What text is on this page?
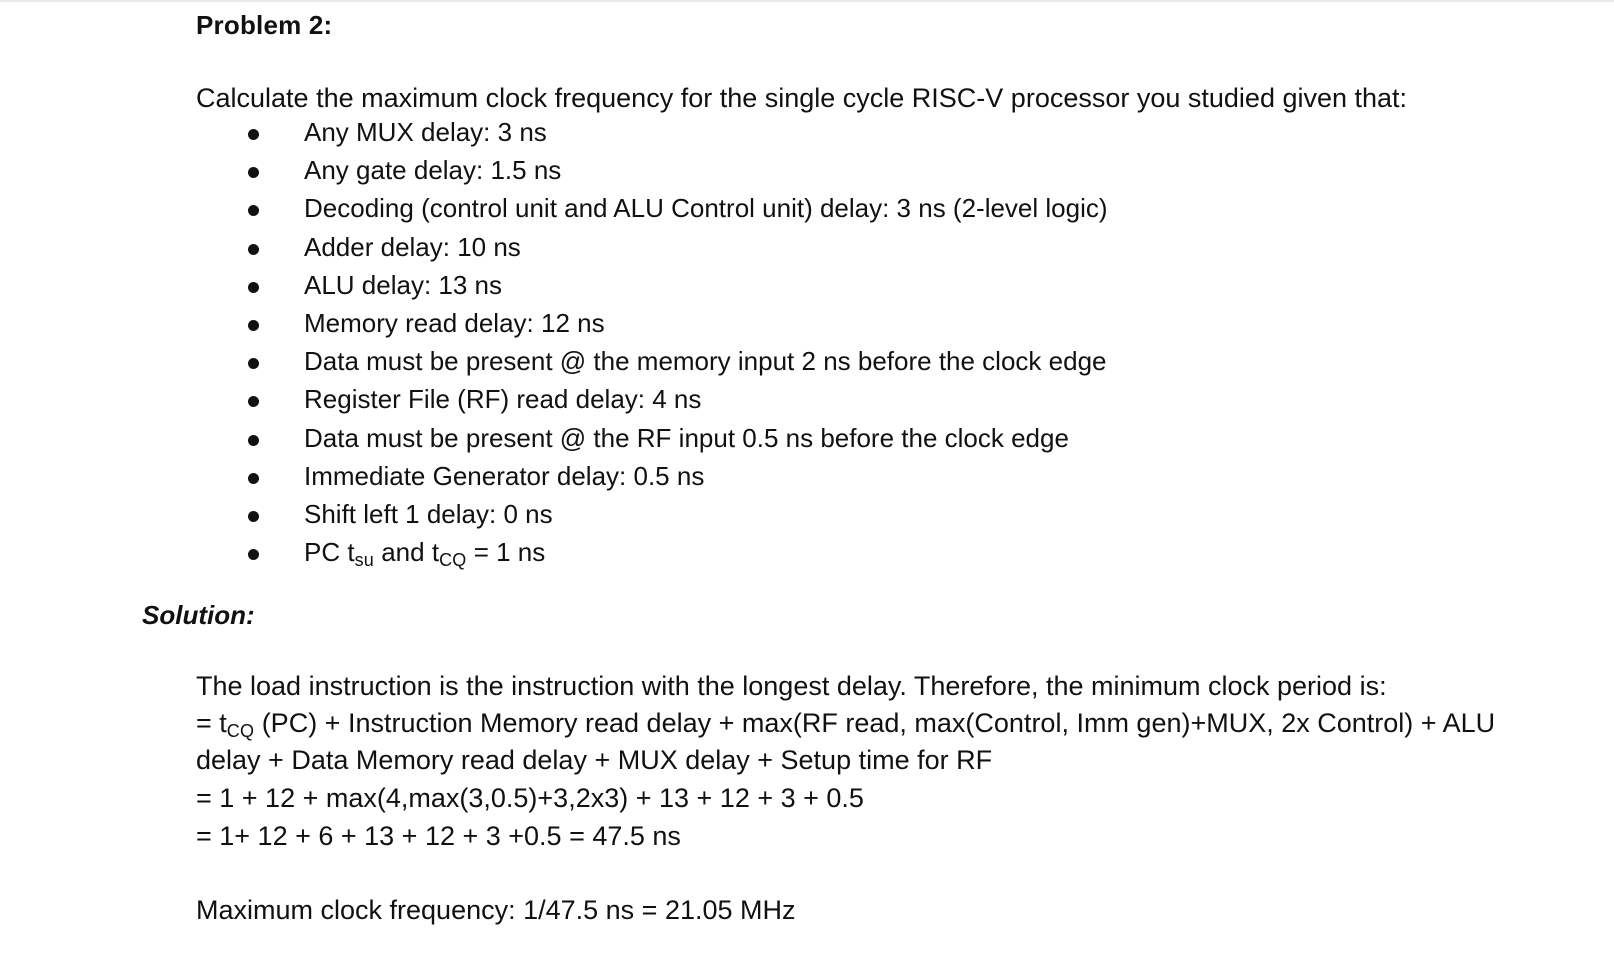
Problem 2:
Calculate the maximum clock frequency for the single cycle RISC-V processor you studied given that:
Any MUX delay: 3 ns
Any gate delay: 1.5 ns
Decoding (control unit and ALU Control unit) delay: 3 ns (2-level logic)
Adder delay: 10 ns
ALU delay: 13 ns
Memory read delay: 12 ns
Data must be present @ the memory input 2 ns before the clock edge
Register File (RF) read delay: 4 ns
Data must be present @ the RF input 0.5 ns before the clock edge
Immediate Generator delay: 0.5 ns
Shift left 1 delay: 0 ns
PC $t_{su}$ and $t_{CQ} = 1$ ns
Solution:
The load instruction is the instruction with the longest delay. Therefore, the minimum clock period is:
= $t_{CQ}$ (PC) + Instruction Memory read delay + max(RF read, max(Control, Imm gen)+MUX, 2x Control) + ALU
delay + Data Memory read delay + MUX delay + Setup time for RF
= 1 + 12 + max(4,max(3,0.5)+3,2x3) + 13 + 12 + 3 + 0.5
= 1+ 12 + 6 + 13 + 12 + 3 +0.5 = 47.5 ns
Maximum clock frequency: 1/47.5 ns = 21.05 MHz
